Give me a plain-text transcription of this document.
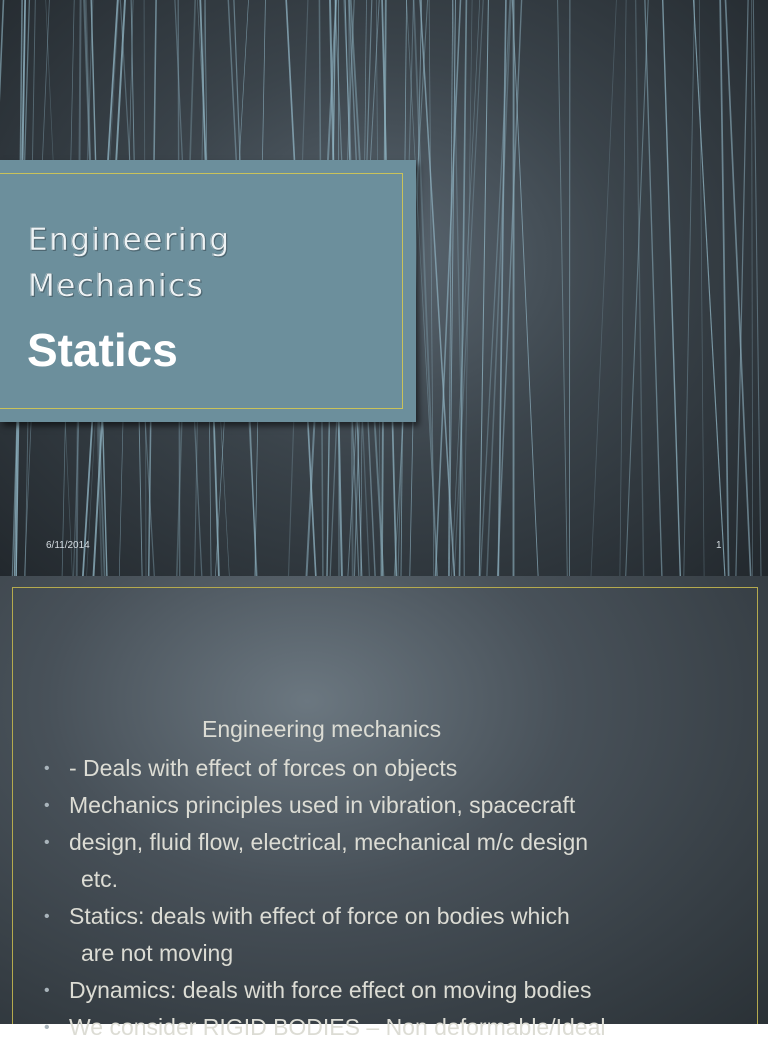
Engineering
Mechanics
Statics
6/11/2014	1
Engineering mechanics
• - Deals with effect of forces on objects
• Mechanics principles used in vibration, spacecraft
• design, fluid flow, electrical, mechanical m/c design
etc.
• Statics: deals with effect of force on bodies which
are not moving
• Dynamics: deals with force effect on moving bodies
• We consider RIGID BODIES – Non deformable/Ideal
